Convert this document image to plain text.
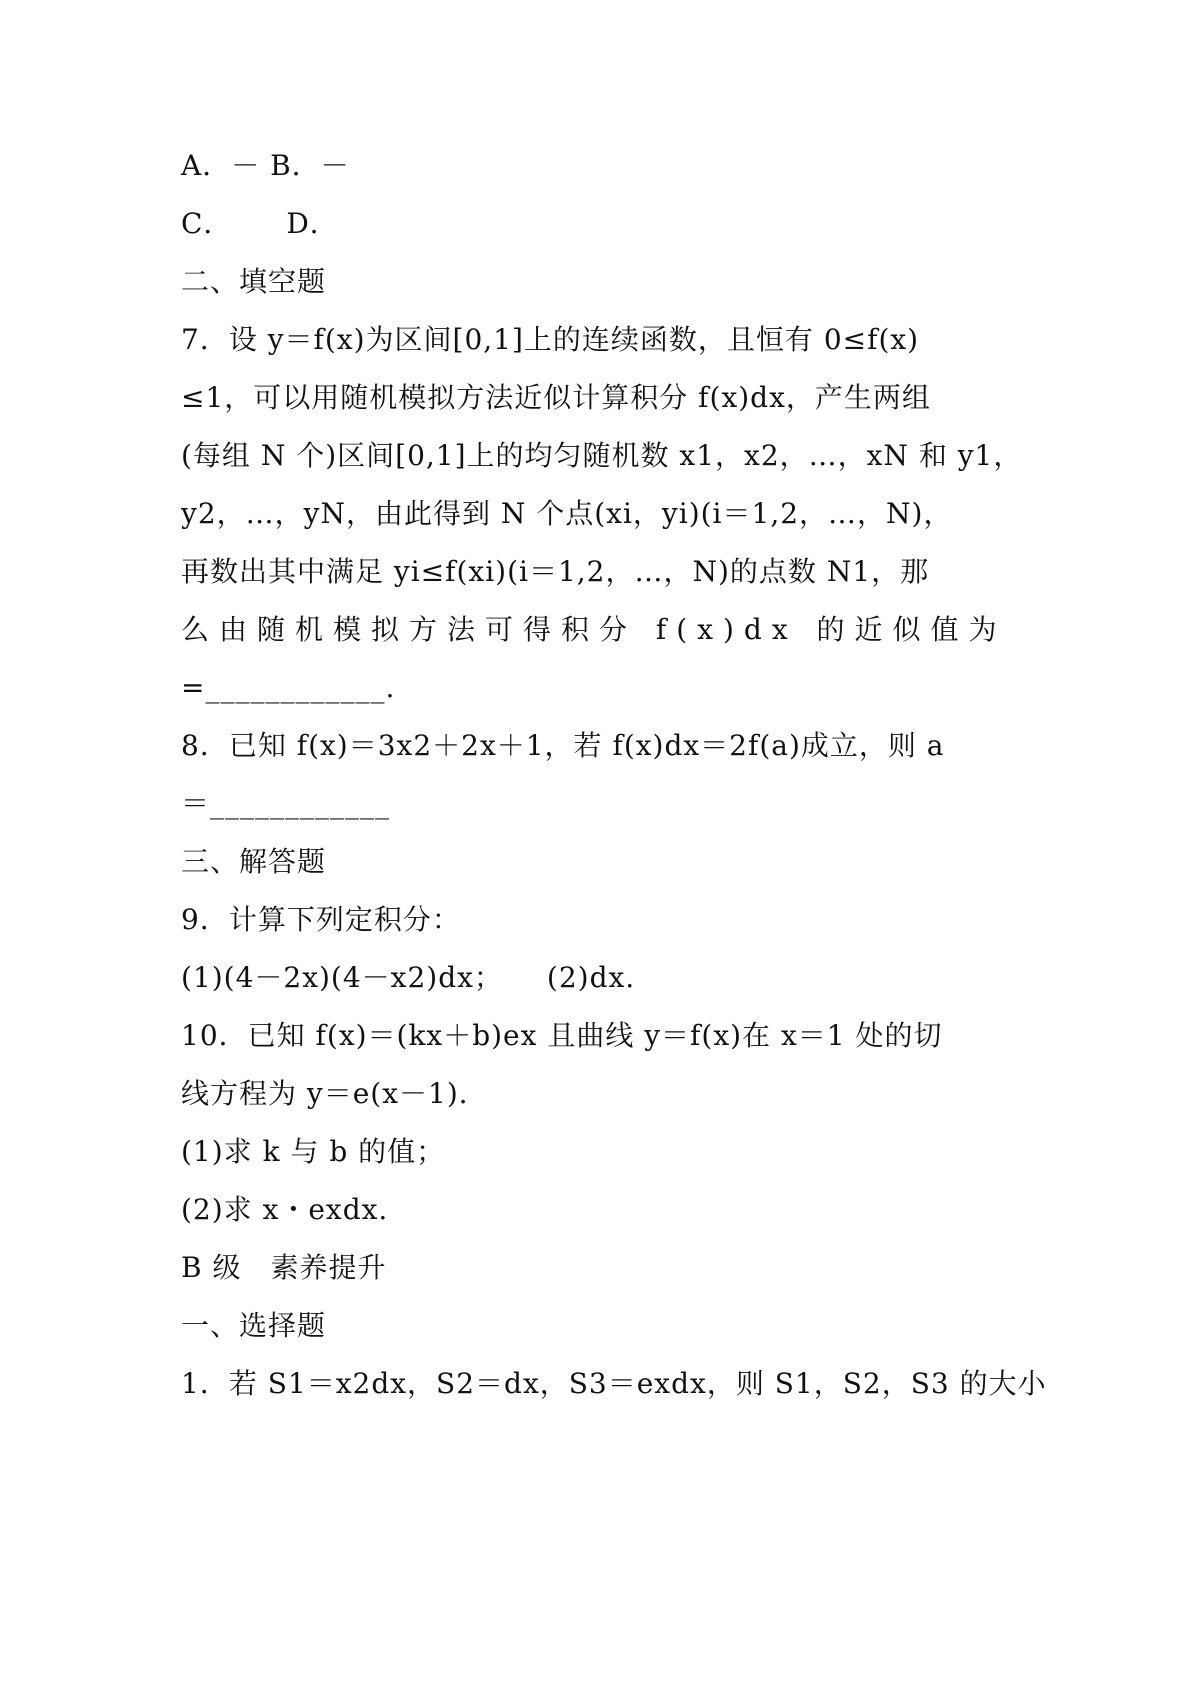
A．－ B．－
C．　　 D．
二、填空题
7．设 y＝f(x)为区间[0,1]上的连续函数，且恒有 0≤f(x)
≤1，可以用随机模拟方法近似计算积分 f(x)dx，产生两组
(每组 N 个)区间[0,1]上的均匀随机数 x1，x2，…，xN 和 y1，
y2，…，yN，由此得到 N 个点(xi，yi)(i＝1,2，…，N)，
再数出其中满足 yi≤f(xi)(i＝1,2，…，N)的点数 N1，那
么由随机模拟方法可得积分 f(x)dx 的近似值为
=____________.
8．已知 f(x)＝3x2＋2x＋1，若 f(x)dx＝2f(a)成立，则 a
＝____________
三、解答题
9．计算下列定积分：
(1)(4－2x)(4－x2)dx；　　(2)dx.
10．已知 f(x)＝(kx＋b)ex 且曲线 y＝f(x)在 x＝1 处的切
线方程为 y＝e(x－1)．
(1)求 k 与 b 的值；
(2)求 x・exdx.
B 级　素养提升
一、选择题
1．若 S1＝x2dx，S2＝dx，S3＝exdx，则 S1，S2，S3 的大小
